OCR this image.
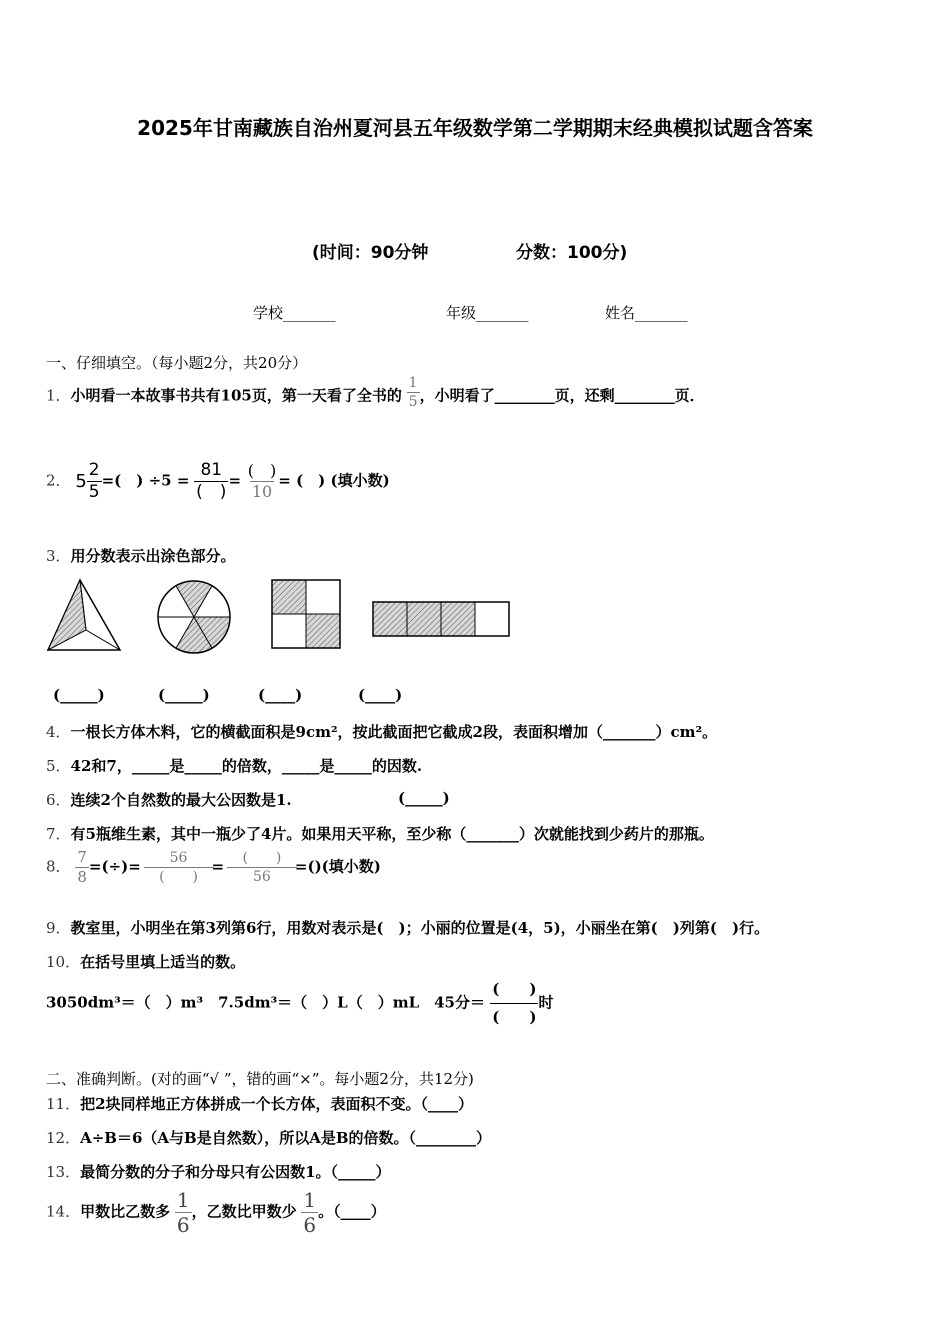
2025年甘南藏族自治州夏河县五年级数学第二学期期末经典模拟试题含答案
(时间：90分钟	分数：100分)
学校_______	年级_______	姓名_______
一、仔细填空。（每小题2分，共20分）
1．小明看一本故事书共有105页，第一天看了全书的 $\frac{1}{5}$ ，小明看了________页，还剩________页．
2． $5 \frac{2}{5}$ =(　) $\div 5 = \frac{81}{( )} = \frac{( )}{10}$ = (　) (填小数)
3．用分数表示出涂色部分。
(_____)	(_____)	(____)	(____)
4．一根长方体木料，它的横截面积是9cm²，按此截面把它截成2段，表面积增加（_______）cm²。
5．42和7，_____是_____的倍数，_____是_____的因数.
6．连续2个自然数的最大公因数是1.	(_____)
7．有5瓶维生素，其中一瓶少了4片。如果用天平称，至少称（_______）次就能找到少药片的那瓶。
8． $\frac{7}{8}$ =(÷)= $\frac{56}{( )} = \frac{( )}{56}$ =()(填小数)
9．教室里，小明坐在第3列第6行，用数对表示是(　)；小丽的位置是(4，5)，小丽坐在第(　)列第(　)行。
10．在括号里填上适当的数。
3050dm³＝（　）m³　7.5dm³＝（　）L（　）mL　45分＝ $\frac{( )}{( )}$ 时
二、准确判断。(对的画“√ ”，错的画“×”。每小题2分，共12分)
11．把2块同样地正方体拼成一个长方体，表面积不变。（____）
12．A÷B＝6（A与B是自然数），所以A是B的倍数。（________）
13．最简分数的分子和分母只有公因数1。（_____）
14．甲数比乙数多 $\frac{1}{6}$ ，乙数比甲数少 $\frac{1}{6}$ 。（____）
